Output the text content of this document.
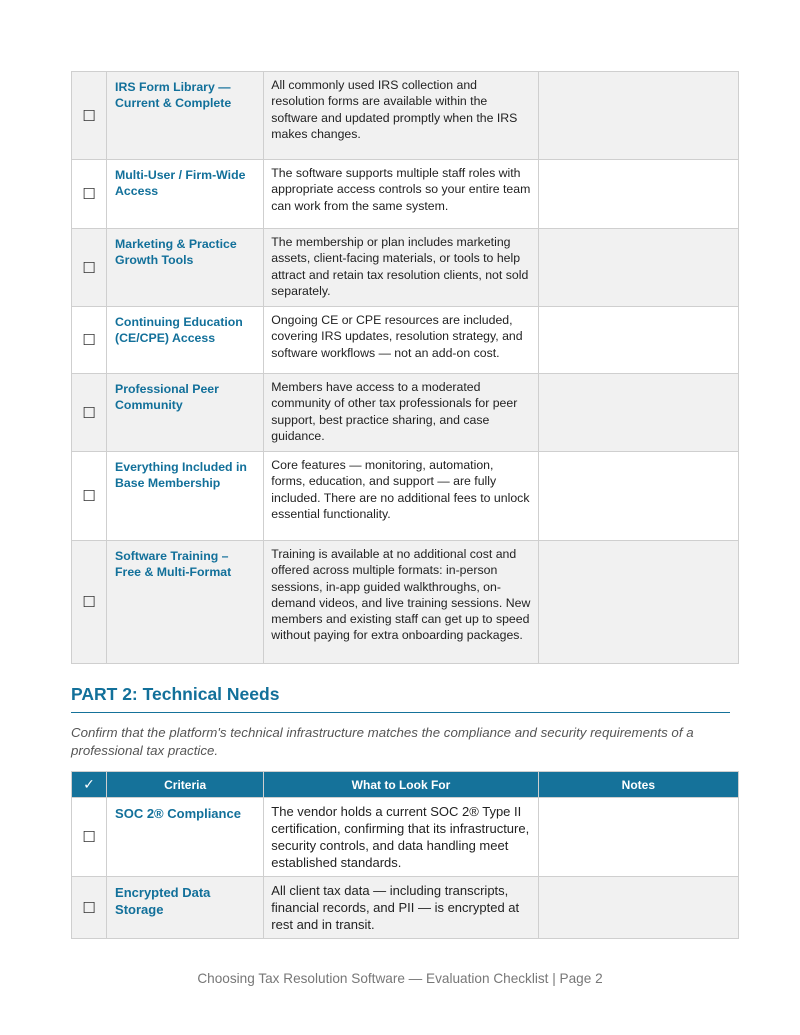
☐	IRS Form Library — Current & Complete	All commonly used IRS collection and resolution forms are available within the software and updated promptly when the IRS makes changes.	
☐	Multi-User / Firm-Wide Access	The software supports multiple staff roles with appropriate access controls so your entire team can work from the same system.	
☐	Marketing & Practice Growth Tools	The membership or plan includes marketing assets, client-facing materials, or tools to help attract and retain tax resolution clients, not sold separately.	
☐	Continuing Education (CE/CPE) Access	Ongoing CE or CPE resources are included, covering IRS updates, resolution strategy, and software workflows — not an add-on cost.	
☐	Professional Peer Community	Members have access to a moderated community of other tax professionals for peer support, best practice sharing, and case guidance.	
☐	Everything Included in Base Membership	Core features — monitoring, automation, forms, education, and support — are fully included. There are no additional fees to unlock essential functionality.	
☐	Software Training – Free & Multi-Format	Training is available at no additional cost and offered across multiple formats: in-person sessions, in-app guided walkthroughs, on-demand videos, and live training sessions. New members and existing staff can get up to speed without paying for extra onboarding packages.	
PART 2: Technical Needs

Confirm that the platform's technical infrastructure matches the compliance and security requirements of a professional tax practice.

✓	Criteria	What to Look For	Notes
☐	SOC 2® Compliance	The vendor holds a current SOC 2® Type II certification, confirming that its infrastructure, security controls, and data handling meet established standards.	
☐	Encrypted Data Storage	All client tax data — including transcripts, financial records, and PII — is encrypted at rest and in transit.	
Choosing Tax Resolution Software — Evaluation Checklist | Page 2
